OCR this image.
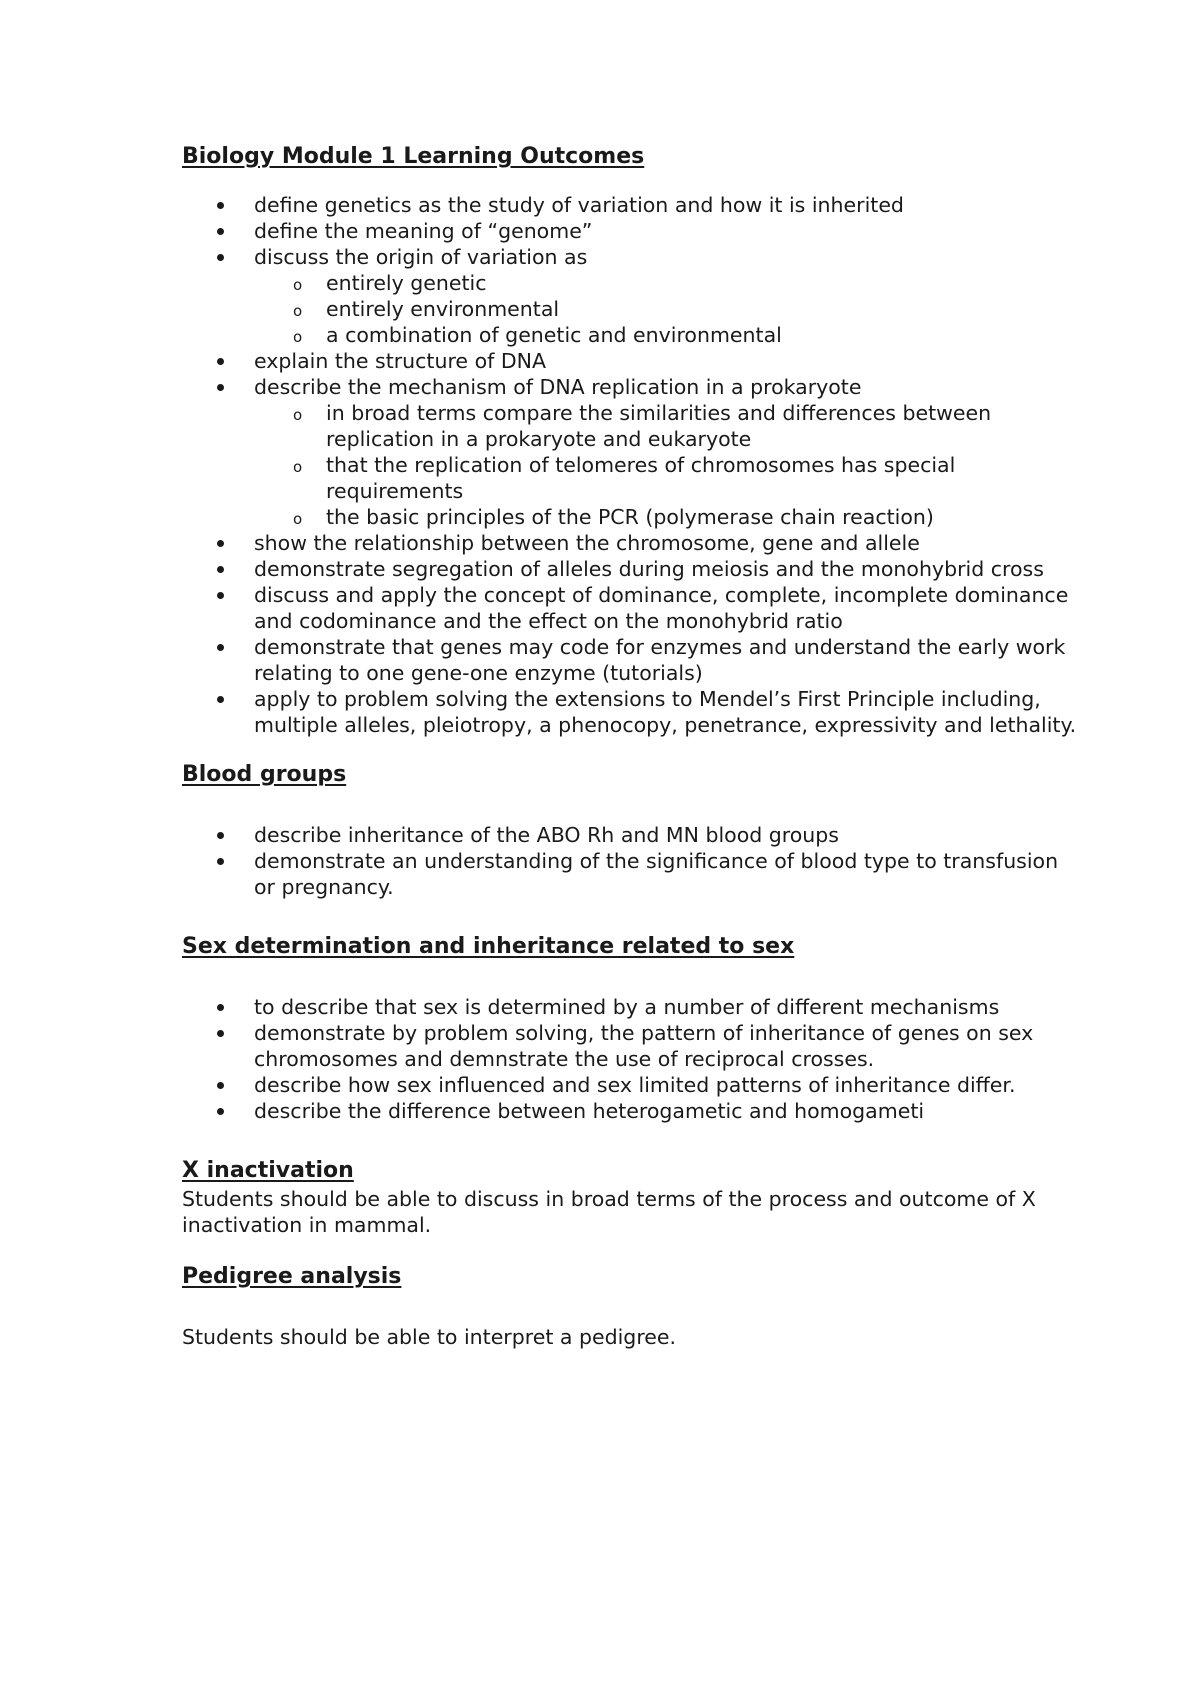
Biology Module 1 Learning Outcomes
define genetics as the study of variation and how it is inherited
define the meaning of “genome”
discuss the origin of variation as
o entirely genetic
o entirely environmental
o a combination of genetic and environmental
explain the structure of DNA
describe the mechanism of DNA replication in a prokaryote
o in broad terms compare the similarities and differences between replication in a prokaryote and eukaryote
o that the replication of telomeres of chromosomes has special requirements
o the basic principles of the PCR (polymerase chain reaction)
show the relationship between the chromosome, gene and allele
demonstrate segregation of alleles during meiosis and the monohybrid cross
discuss and apply the concept of dominance, complete, incomplete dominance and codominance and the effect on the monohybrid ratio
demonstrate that genes may code for enzymes and understand the early work relating to one gene-one enzyme (tutorials)
apply to problem solving the extensions to Mendel’s First Principle including, multiple alleles, pleiotropy, a phenocopy, penetrance, expressivity and lethality.
Blood groups
describe inheritance of the ABO Rh and MN blood groups
demonstrate an understanding of the significance of blood type to transfusion or pregnancy.
Sex determination and inheritance related to sex
to describe that sex is determined by a number of different mechanisms
demonstrate by problem solving, the pattern of inheritance of genes on sex chromosomes and demnstrate the use of reciprocal crosses.
describe how sex influenced and sex limited patterns of inheritance differ.
describe the difference between heterogametic and homogameti
X inactivation

Students should be able to discuss in broad terms of the process and outcome of X inactivation in mammal.

Pedigree analysis

Students should be able to interpret a pedigree.
